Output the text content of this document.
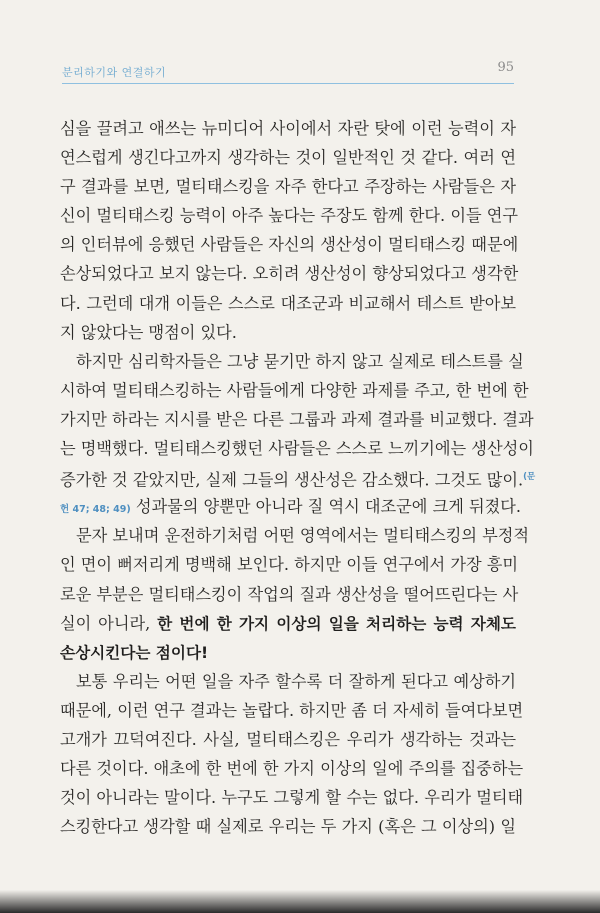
분리하기와 연결하기	95
심을 끌려고 애쓰는 뉴미디어 사이에서 자란 탓에 이런 능력이 자
연스럽게 생긴다고까지 생각하는 것이 일반적인 것 같다. 여러 연
구 결과를 보면, 멀티태스킹을 자주 한다고 주장하는 사람들은 자
신이 멀티태스킹 능력이 아주 높다는 주장도 함께 한다. 이들 연구
의 인터뷰에 응했던 사람들은 자신의 생산성이 멀티태스킹 때문에
손상되었다고 보지 않는다. 오히려 생산성이 향상되었다고 생각한
다. 그런데 대개 이들은 스스로 대조군과 비교해서 테스트 받아보
지 않았다는 맹점이 있다.
하지만 심리학자들은 그냥 묻기만 하지 않고 실제로 테스트를 실
시하여 멀티태스킹하는 사람들에게 다양한 과제를 주고, 한 번에 한
가지만 하라는 지시를 받은 다른 그룹과 과제 결과를 비교했다. 결과
는 명백했다. 멀티태스킹했던 사람들은 스스로 느끼기에는 생산성이
증가한 것 같았지만, 실제 그들의 생산성은 감소했다. 그것도 많이.$^{(문}$
헌 47; 48; 49) 성과물의 양뿐만 아니라 질 역시 대조군에 크게 뒤졌다.
문자 보내며 운전하기처럼 어떤 영역에서는 멀티태스킹의 부정적
인 면이 뻐저리게 명백해 보인다. 하지만 이들 연구에서 가장 흥미
로운 부분은 멀티태스킹이 작업의 질과 생산성을 떨어뜨린다는 사
실이 아니라, 한 번에 한 가지 이상의 일을 처리하는 능력 자체도
손상시킨다는 점이다!
보통 우리는 어떤 일을 자주 할수록 더 잘하게 된다고 예상하기
때문에, 이런 연구 결과는 놀랍다. 하지만 좀 더 자세히 들여다보면
고개가 끄덕여진다. 사실, 멀티태스킹은 우리가 생각하는 것과는
다른 것이다. 애초에 한 번에 한 가지 이상의 일에 주의를 집중하는
것이 아니라는 말이다. 누구도 그렇게 할 수는 없다. 우리가 멀티태
스킹한다고 생각할 때 실제로 우리는 두 가지 (혹은 그 이상의) 일
